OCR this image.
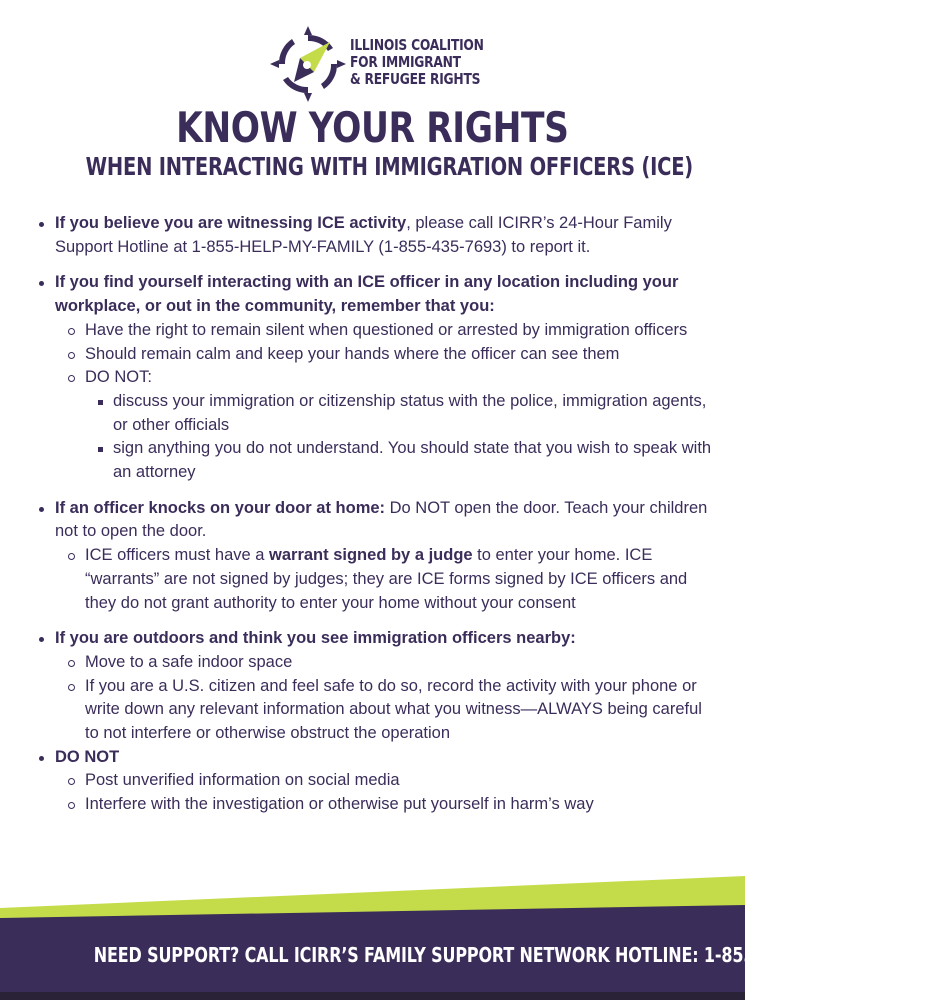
ILLINOIS COALITION
FOR IMMIGRANT
& REFUGEE RIGHTS
KNOW YOUR RIGHTS
WHEN INTERACTING WITH IMMIGRATION OFFICERS (ICE)
If you believe you are witnessing ICE activity, please call ICIRR’s 24-Hour Family Support Hotline at 1-855-HELP-MY-FAMILY (1-855-435-7693) to report it.
If you find yourself interacting with an ICE officer in any location including your workplace, or out in the community, remember that you:
Have the right to remain silent when questioned or arrested by immigration officers
Should remain calm and keep your hands where the officer can see them
DO NOT:
discuss your immigration or citizenship status with the police, immigration agents, or other officials
sign anything you do not understand. You should state that you wish to speak with an attorney
If an officer knocks on your door at home: Do NOT open the door. Teach your children not to open the door.
ICE officers must have a warrant signed by a judge to enter your home. ICE “warrants” are not signed by judges; they are ICE forms signed by ICE officers and they do not grant authority to enter your home without your consent
If you are outdoors and think you see immigration officers nearby:
Move to a safe indoor space
If you are a U.S. citizen and feel safe to do so, record the activity with your phone or write down any relevant information about what you witness—ALWAYS being careful to not interfere or otherwise obstruct the operation
DO NOT
Post unverified information on social media
Interfere with the investigation or otherwise put yourself in harm’s way
NEED SUPPORT? CALL ICIRR’S FAMILY SUPPORT NETWORK HOTLINE: 1-855-435-7693
